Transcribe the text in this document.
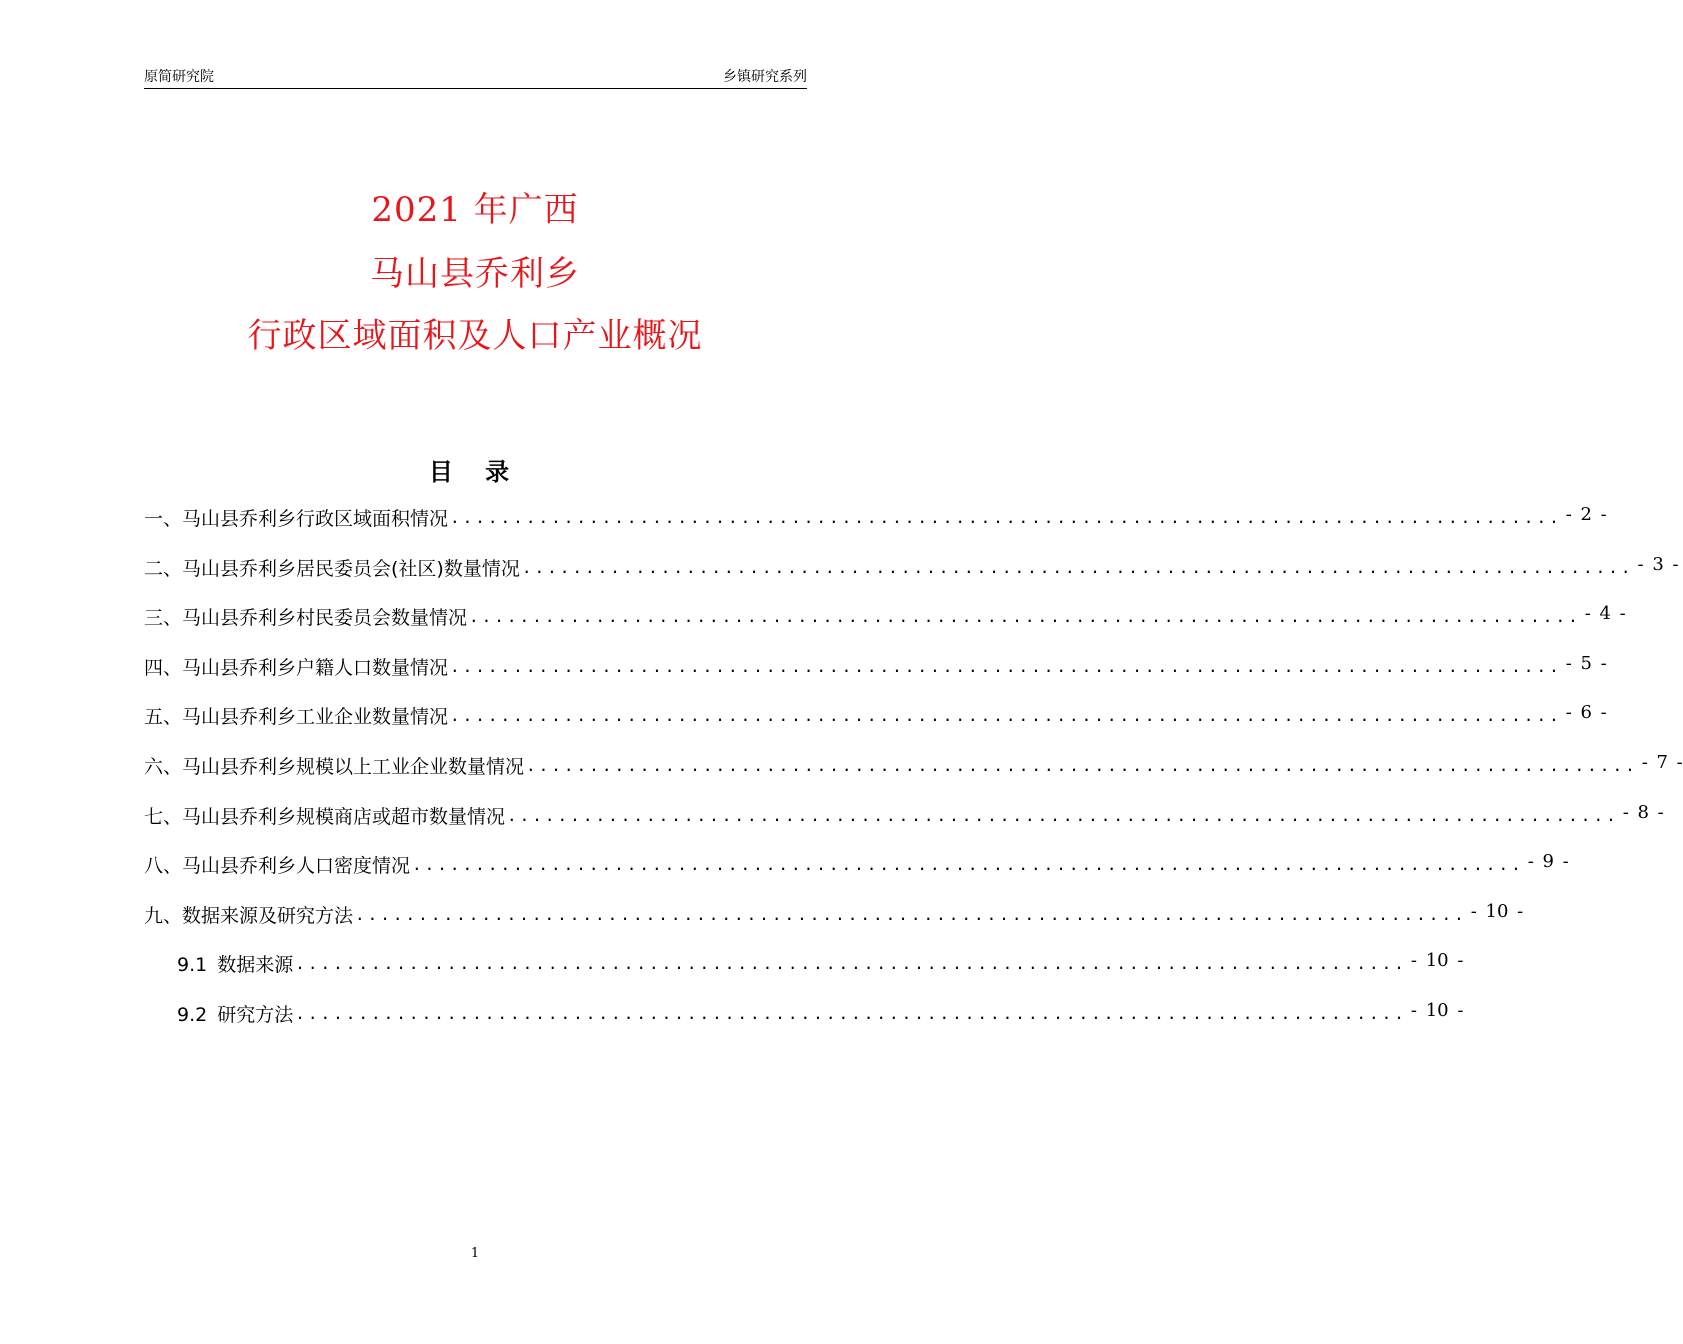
原简研究院	乡镇研究系列
2021 年广西
马山县乔利乡
行政区域面积及人口产业概况
目 录
一、马山县乔利乡行政区域面积情况 ........................................................................................ - 2 -
二、马山县乔利乡居民委员会(社区)数量情况 ........................................................................................ - 3 -
三、马山县乔利乡村民委员会数量情况 ........................................................................................ - 4 -
四、马山县乔利乡户籍人口数量情况 ........................................................................................ - 5 -
五、马山县乔利乡工业企业数量情况 ........................................................................................ - 6 -
六、马山县乔利乡规模以上工业企业数量情况 ........................................................................................ - 7 -
七、马山县乔利乡规模商店或超市数量情况 ........................................................................................ - 8 -
八、马山县乔利乡人口密度情况 ........................................................................................ - 9 -
九、数据来源及研究方法 ........................................................................................ - 10 -
9.1 数据来源 ........................................................................................ - 10 -
9.2 研究方法 ........................................................................................ - 10 -
1
